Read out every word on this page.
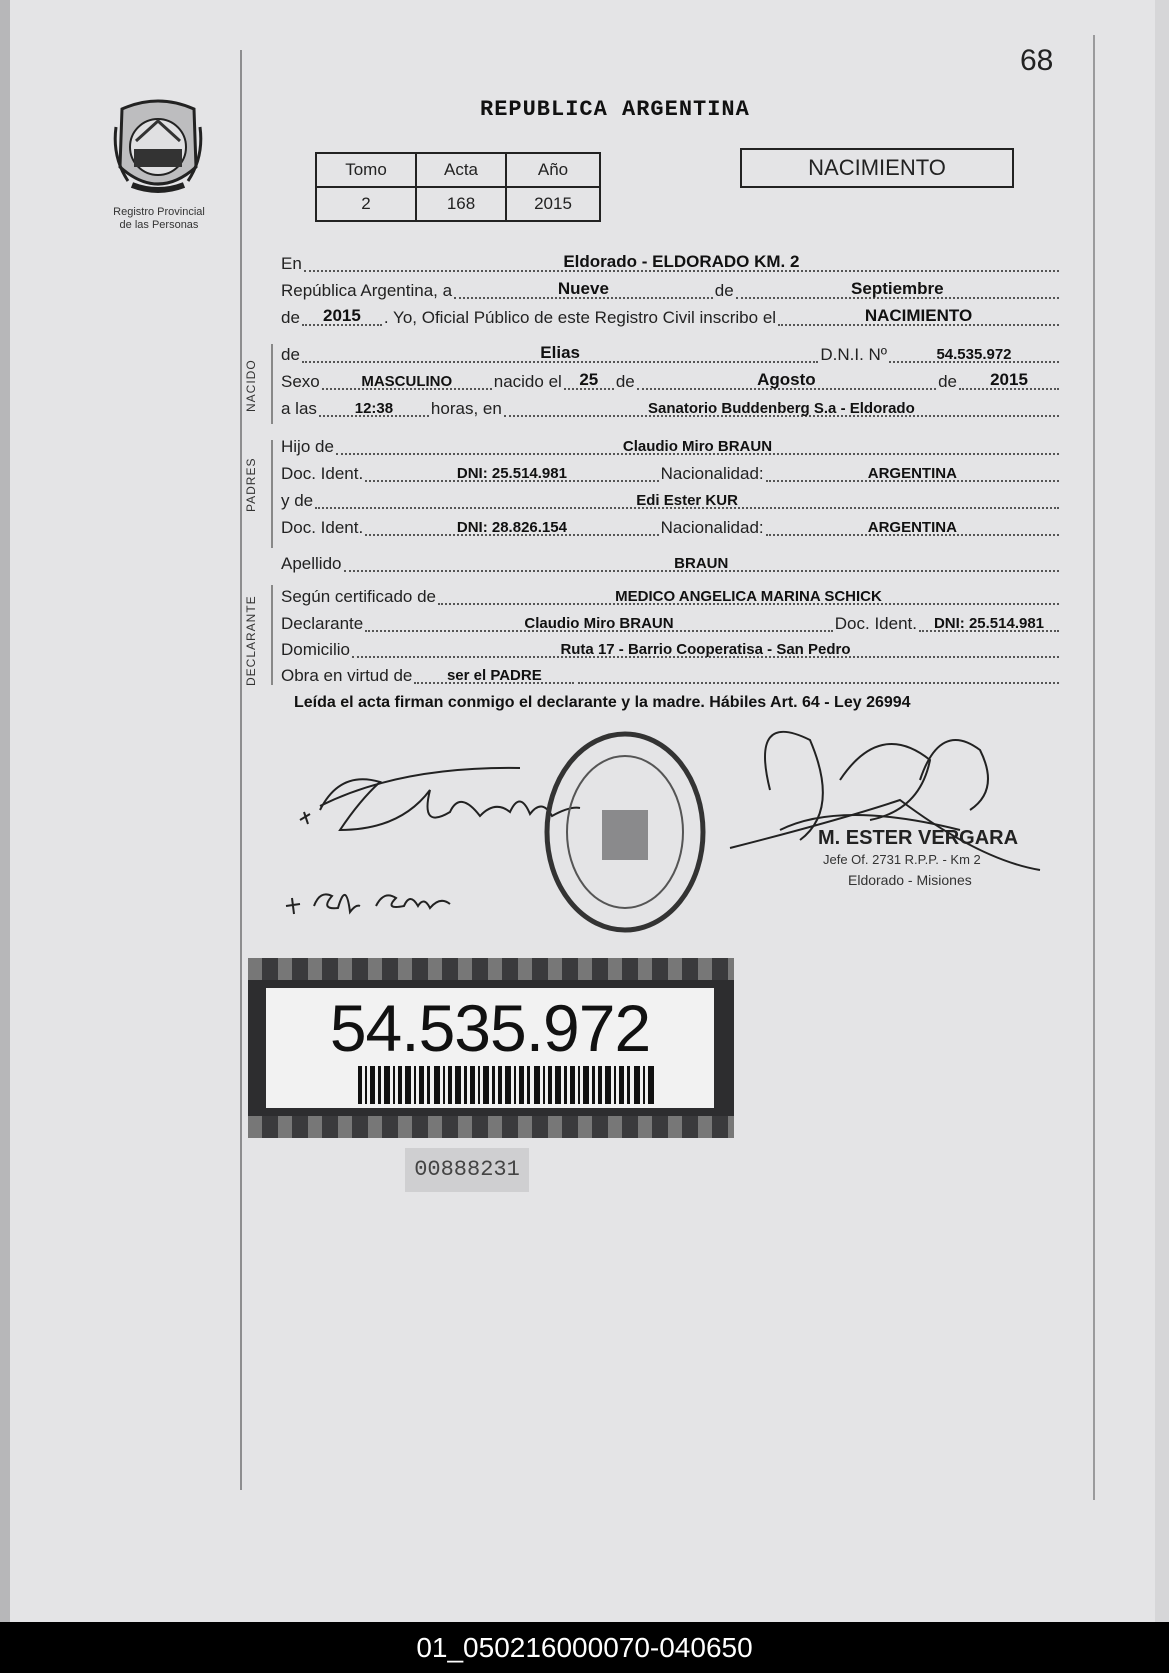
68
Registro Provincial
de las Personas
REPUBLICA ARGENTINA
Tomo	Acta	Año
2	168	2015
NACIMIENTO
En	Eldorado - ELDORADO KM. 2
República Argentina, a	Nueve	de	Septiembre
de	2015	. Yo, Oficial Público de este Registro Civil inscribo el	NACIMIENTO
NACIDO
de	Elias	D.N.I. Nº	54.535.972
Sexo	MASCULINO	nacido el	25	de	Agosto	de	2015
a las	12:38	horas, en	Sanatorio Buddenberg S.a - Eldorado
PADRES
Hijo de	Claudio Miro BRAUN
Doc. Ident.	DNI: 25.514.981	Nacionalidad:	ARGENTINA
y de	Edi Ester KUR
Doc. Ident.	DNI: 28.826.154	Nacionalidad:	ARGENTINA
Apellido	BRAUN
DECLARANTE Según certificado de	MEDICO ANGELICA MARINA SCHICK
Declarante	Claudio Miro BRAUN	Doc. Ident.	DNI: 25.514.981
Domicilio	Ruta 17 - Barrio Cooperatisa - San Pedro
Obra en virtud de	ser el PADRE
Leída el acta firman conmigo el declarante y la madre. Hábiles Art. 64 - Ley 26994
M. ESTER VERGARA
Jefe Of. 2731 R.P.P. - Km 2
Eldorado - Misiones
54.535.972
00888231
01_050216000070-040650
